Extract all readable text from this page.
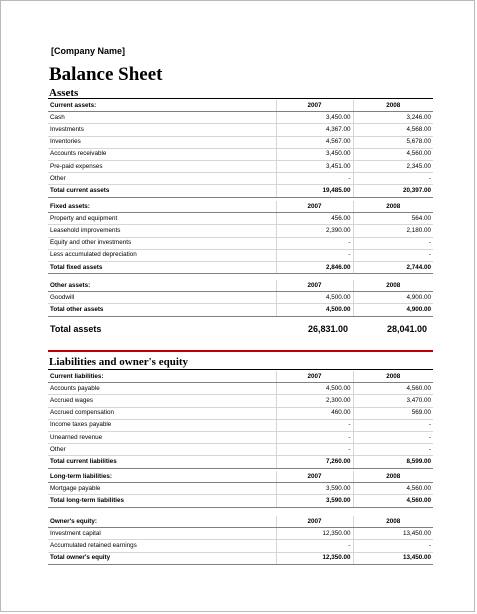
[Company Name]
Balance Sheet
Assets
Current assets:	2007	2008
Cash	3,450.00	3,246.00
Investments	4,367.00	4,568.00
Inventories	4,567.00	5,678.00
Accounts receivable	3,450.00	4,560.00
Pre-paid expenses	3,451.00	2,345.00
Other	-	-
Total current assets	19,485.00	20,397.00
Fixed assets:	2007	2008
Property and equipment	456.00	564.00
Leasehold improvements	2,390.00	2,180.00
Equity and other investments	-	-
Less accumulated depreciation	-	-
Total fixed assets	2,846.00	2,744.00
Other assets:	2007	2008
Goodwill	4,500.00	4,900.00
Total other assets	4,500.00	4,900.00
Total assets	26,831.00	28,041.00
Liabilities and owner's equity
Current liabilities:	2007	2008
Accounts payable	4,500.00	4,560.00
Accrued wages	2,300.00	3,470.00
Accrued compensation	460.00	569.00
Income taxes payable	-	-
Unearned revenue	-	-
Other	-	-
Total current liabilities	7,260.00	8,599.00
Long-term liabilities:	2007	2008
Mortgage payable	3,590.00	4,560.00
Total long-term liabilities	3,590.00	4,560.00
Owner's equity:	2007	2008
Investment capital	12,350.00	13,450.00
Accumulated retained earnings	-	-
Total owner's equity	12,350.00	13,450.00
